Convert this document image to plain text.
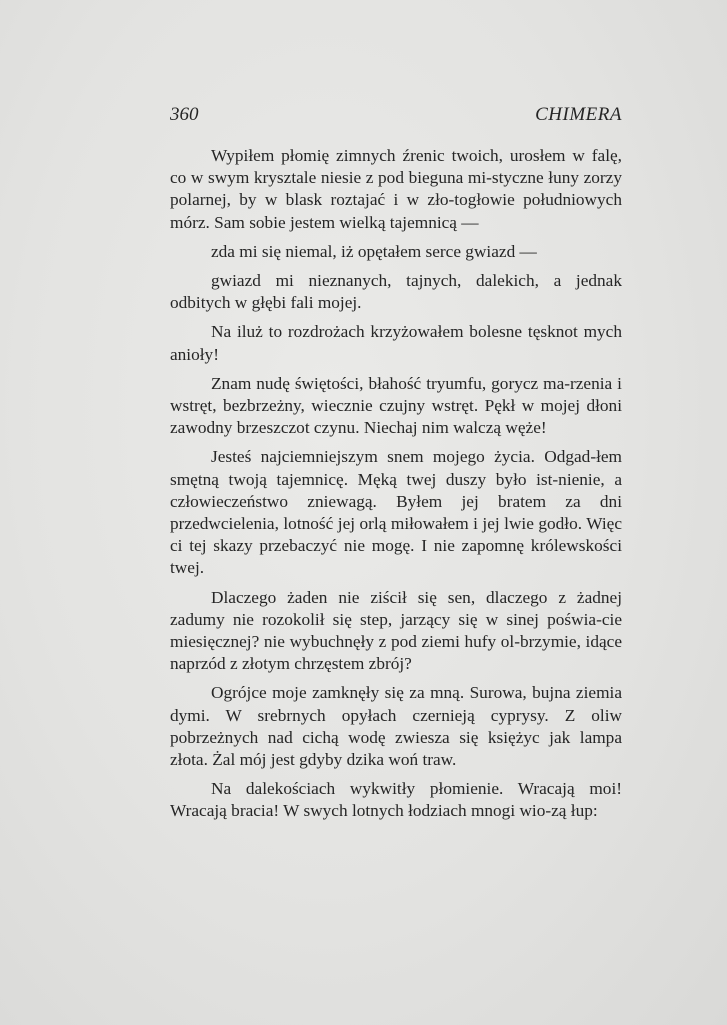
360	CHIMERA

Wypiłem płomię zimnych źrenic twoich, urosłem w falę, co w swym krysztale niesie z pod bieguna mi-styczne łuny zorzy polarnej, by w blask roztajać i w zło-togłowie południowych mórz. Sam sobie jestem wielką tajemnicą —

zda mi się niemal, iż opętałem serce gwiazd —

gwiazd mi nieznanych, tajnych, dalekich, a jednak odbitych w głębi fali mojej.

Na iluż to rozdrożach krzyżowałem bolesne tęsknot mych anioły!

Znam nudę świętości, błahość tryumfu, gorycz ma-rzenia i wstręt, bezbrzeżny, wiecznie czujny wstręt. Pękł w mojej dłoni zawodny brzeszczot czynu. Niechaj nim walczą węże!

Jesteś najciemniejszym snem mojego życia. Odgad-łem smętną twoją tajemnicę. Męką twej duszy było ist-nienie, a człowieczeństwo zniewagą. Byłem jej bratem za dni przedwcielenia, lotność jej orlą miłowałem i jej lwie godło. Więc ci tej skazy przebaczyć nie mogę. I nie zapomnę królewskości twej.

Dlaczego żaden nie ziścił się sen, dlaczego z żadnej zadumy nie rozokolił się step, jarzący się w sinej poświa-cie miesięcznej? nie wybuchnęły z pod ziemi hufy ol-brzymie, idące naprzód z złotym chrzęstem zbrój?

Ogrójce moje zamknęły się za mną. Surowa, bujna ziemia dymi. W srebrnych opyłach czernieją cyprysy. Z oliw pobrzeżnych nad cichą wodę zwiesza się księżyc jak lampa złota. Żal mój jest gdyby dzika woń traw.

Na dalekościach wykwitły płomienie. Wracają moi! Wracają bracia! W swych lotnych łodziach mnogi wio-zą łup:
